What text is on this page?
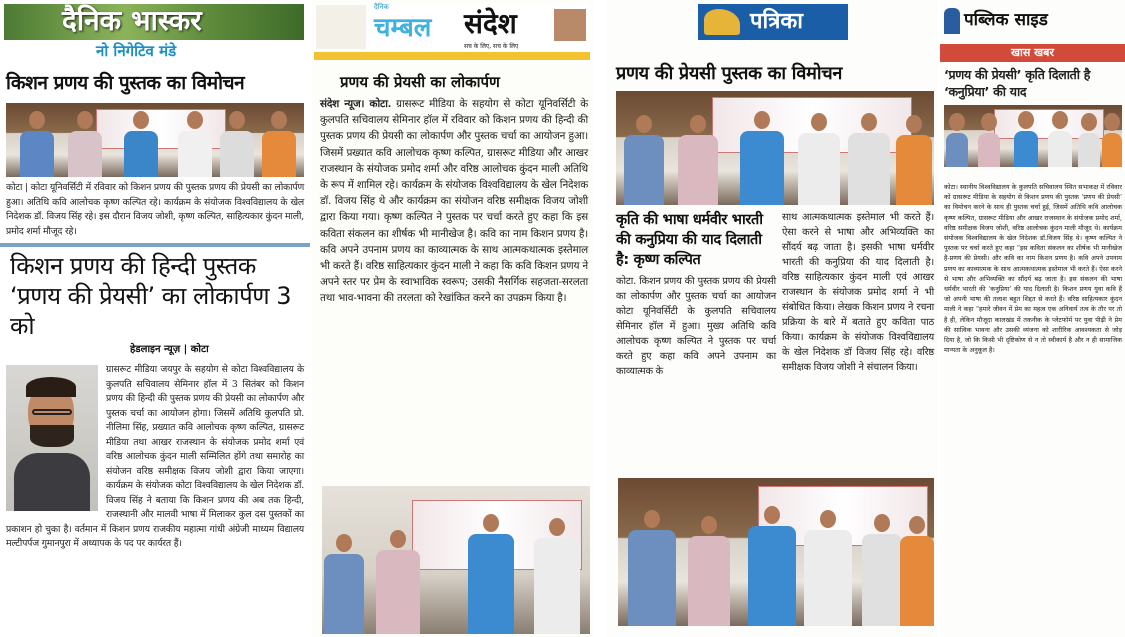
दैनिक भास्कर
नो निगेटिव मंडे
किशन प्रणय की पुस्तक का विमोचन

कोटा | कोटा यूनिवर्सिटी में रविवार को किशन प्रणय की पुस्तक प्रणय की प्रेयसी का लोकार्पण हुआ। अतिथि कवि आलोचक कृष्ण कल्पित रहे। कार्यक्रम के संयोजक विश्वविद्यालय के खेल निदेशक डॉ. विजय सिंह रहे। इस दौरान विजय जोशी, कृष्ण कल्पित, साहित्यकार कुंदन माली, प्रमोद शर्मा मौजूद रहे।

किशन प्रणय की हिन्दी पुस्तक ‘प्रणय की प्रेयसी’ का लोकार्पण 3 को
हेडलाइन न्यूज़ | कोटा

ग्रासरूट मीडिया जयपुर के सहयोग से कोटा विश्वविद्यालय के कुलपति सचिवालय सेमिनार हॉल में 3 सितंबर को किशन प्रणय की हिन्दी की पुस्तक प्रणय की प्रेयसी का लोकार्पण और पुस्तक चर्चा का आयोजन होगा। जिसमें अतिथि कुलपति प्रो. नीलिमा सिंह, प्रख्यात कवि आलोचक कृष्ण कल्पित, ग्रासरूट मीडिया तथा आखर राजस्थान के संयोजक प्रमोद शर्मा एवं वरिष्ठ आलोचक कुंदन माली सम्मिलित होंगे तथा समारोह का संयोजन वरिष्ठ समीक्षक विजय जोशी द्वारा किया जाएगा। कार्यक्रम के संयोजक कोटा विश्वविद्यालय के खेल निदेशक डॉ. विजय सिंह ने बताया कि किशन प्रणय की अब तक हिन्दी, राजस्थानी और मालवी भाषा में मिलाकर कुल दस पुस्तकों का प्रकाशन हो चुका है। वर्तमान में किशन प्रणय राजकीय महात्मा गांधी अंग्रेजी माध्यम विद्यालय मल्टीपर्पज गुमानपुरा में अध्यापक के पद पर कार्यरत हैं।

दैनिक
चम्बल संदेश
सच के लिए, सच के लिए
प्रणय की प्रेयसी का लोकार्पण

संदेश न्यूज। कोटा. ग्रासरूट मीडिया के सहयोग से कोटा यूनिवर्सिटी के कुलपति सचिवालय सेमिनार हॉल में रविवार को किशन प्रणय की हिन्दी की पुस्तक प्रणय की प्रेयसी का लोकार्पण और पुस्तक चर्चा का आयोजन हुआ। जिसमें प्रख्यात कवि आलोचक कृष्ण कल्पित, ग्रासरूट मीडिया और आखर राजस्थान के संयोजक प्रमोद शर्मा और वरिष्ठ आलोचक कुंदन माली अतिथि के रूप में शामिल रहे। कार्यक्रम के संयोजक विश्वविद्यालय के खेल निदेशक डॉ. विजय सिंह थे और कार्यक्रम का संयोजन वरिष्ठ समीक्षक विजय जोशी द्वारा किया गया। कृष्ण कल्पित ने पुस्तक पर चर्चा करते हुए कहा कि इस कविता संकलन का शीर्षक भी मानीखेज है। कवि का नाम किशन प्रणय है। कवि अपने उपनाम प्रणय का काव्यात्मक के साथ आत्मकथात्मक इस्तेमाल भी करते हैं। वरिष्ठ साहित्यकार कुंदन माली ने कहा कि कवि किशन प्रणय ने अपने स्तर पर प्रेम के स्वाभाविक स्वरूप; उसकी नैसर्गिक सहजता-सरलता तथा भाव-भावना की तरलता को रेखांकित करने का उपक्रम किया है।

पत्रिका
प्रणय की प्रेयसी पुस्तक का विमोचन
कृति की भाषा धर्मवीर भारती की कनुप्रिया की याद दिलाती है: कृष्ण कल्पित

कोटा. किशन प्रणय की पुस्तक प्रणय की प्रेयसी का लोकार्पण और पुस्तक चर्चा का आयोजन कोटा यूनिवर्सिटी के कुलपति सचिवालय सेमिनार हॉल में हुआ। मुख्य अतिथि कवि आलोचक कृष्ण कल्पित ने पुस्तक पर चर्चा करते हुए कहा कवि अपने उपनाम का काव्यात्मक के

साथ आत्मकथात्मक इस्तेमाल भी करते हैं। ऐसा करने से भाषा और अभिव्यक्ति का सौंदर्य बढ़ जाता है। इसकी भाषा धर्मवीर भारती की कनुप्रिया की याद दिलाती है। वरिष्ठ साहित्यकार कुंदन माली एवं आखर राजस्थान के संयोजक प्रमोद शर्मा ने भी संबोधित किया। लेखक किशन प्रणय ने रचना प्रक्रिया के बारे में बताते हुए कविता पाठ किया। कार्यक्रम के संयोजक विश्वविद्यालय के खेल निदेशक डॉ विजय सिंह रहे। वरिष्ठ समीक्षक विजय जोशी ने संचालन किया।

पब्लिक साइड
खास खबर
‘प्रणय की प्रेयसी’ कृति दिलाती है ‘कनुप्रिया’ की याद

कोटा। स्थानीय विश्वविद्यालय के कुलपति सचिवालय स्थित सभाकक्ष में रविवार को ग्रासरूट मीडिया के सहयोग से किशन प्रणय की पुस्तक ‘प्रणय की प्रेयसी’ का विमोचन करने के साथ ही पुस्तक चर्चा हुई, जिसमें अतिथि कवि आलोचक कृष्ण कल्पित, ग्रासरूट मीडिया और आखर राजस्थान के संयोजक प्रमोद शर्मा, वरिष्ठ समीक्षक विजय जोशी, वरिष्ठ आलोचक कुंदन माली मौजूद थे। कार्यक्रम संयोजक विश्वविद्यालय के खेल निदेशक डॉ.विजय सिंह थे। कृष्ण कल्पित ने पुस्तक पर चर्चा करते हुए कहा “इस कविता संकलन का शीर्षक भी मानीखेज है-प्रणय की प्रेयसी। और कवि का नाम किशन प्रणय है। कवि अपने उपनाम प्रणय का काव्यात्मक के साथ आत्मकथात्मक इस्तेमाल भी करते हैं। ऐसा करने से भाषा और अभिव्यक्ति का सौंदर्य बढ़ जाता है। इस संकलन की भाषा धर्मवीर भारती की ‘कनुप्रिया’ की याद दिलाती है। किशन प्रणय युवा कवि हैं जो अपनी भाषा की तलाश बहुत शिद्दत से करते हैं। वरिष्ठ साहित्यकार कुंदन माली ने कहा “हमारे जीवन में प्रेम का महत्व एक अनिवार्य तत्व के तौर पर तो है ही, लेकिन मौजूदा कालखंड में तकनीक के प्लेटफॉर्म पर युवा पीढ़ी ने प्रेम की सात्विक भावना और उसकी व्यंजना को शारीरिक आवश्यकता से जोड़ दिया है, जो कि किसी भी दृष्टिकोण से न तो स्वीकार्य है और न ही सामाजिक मान्यता के अनुकूल है।
